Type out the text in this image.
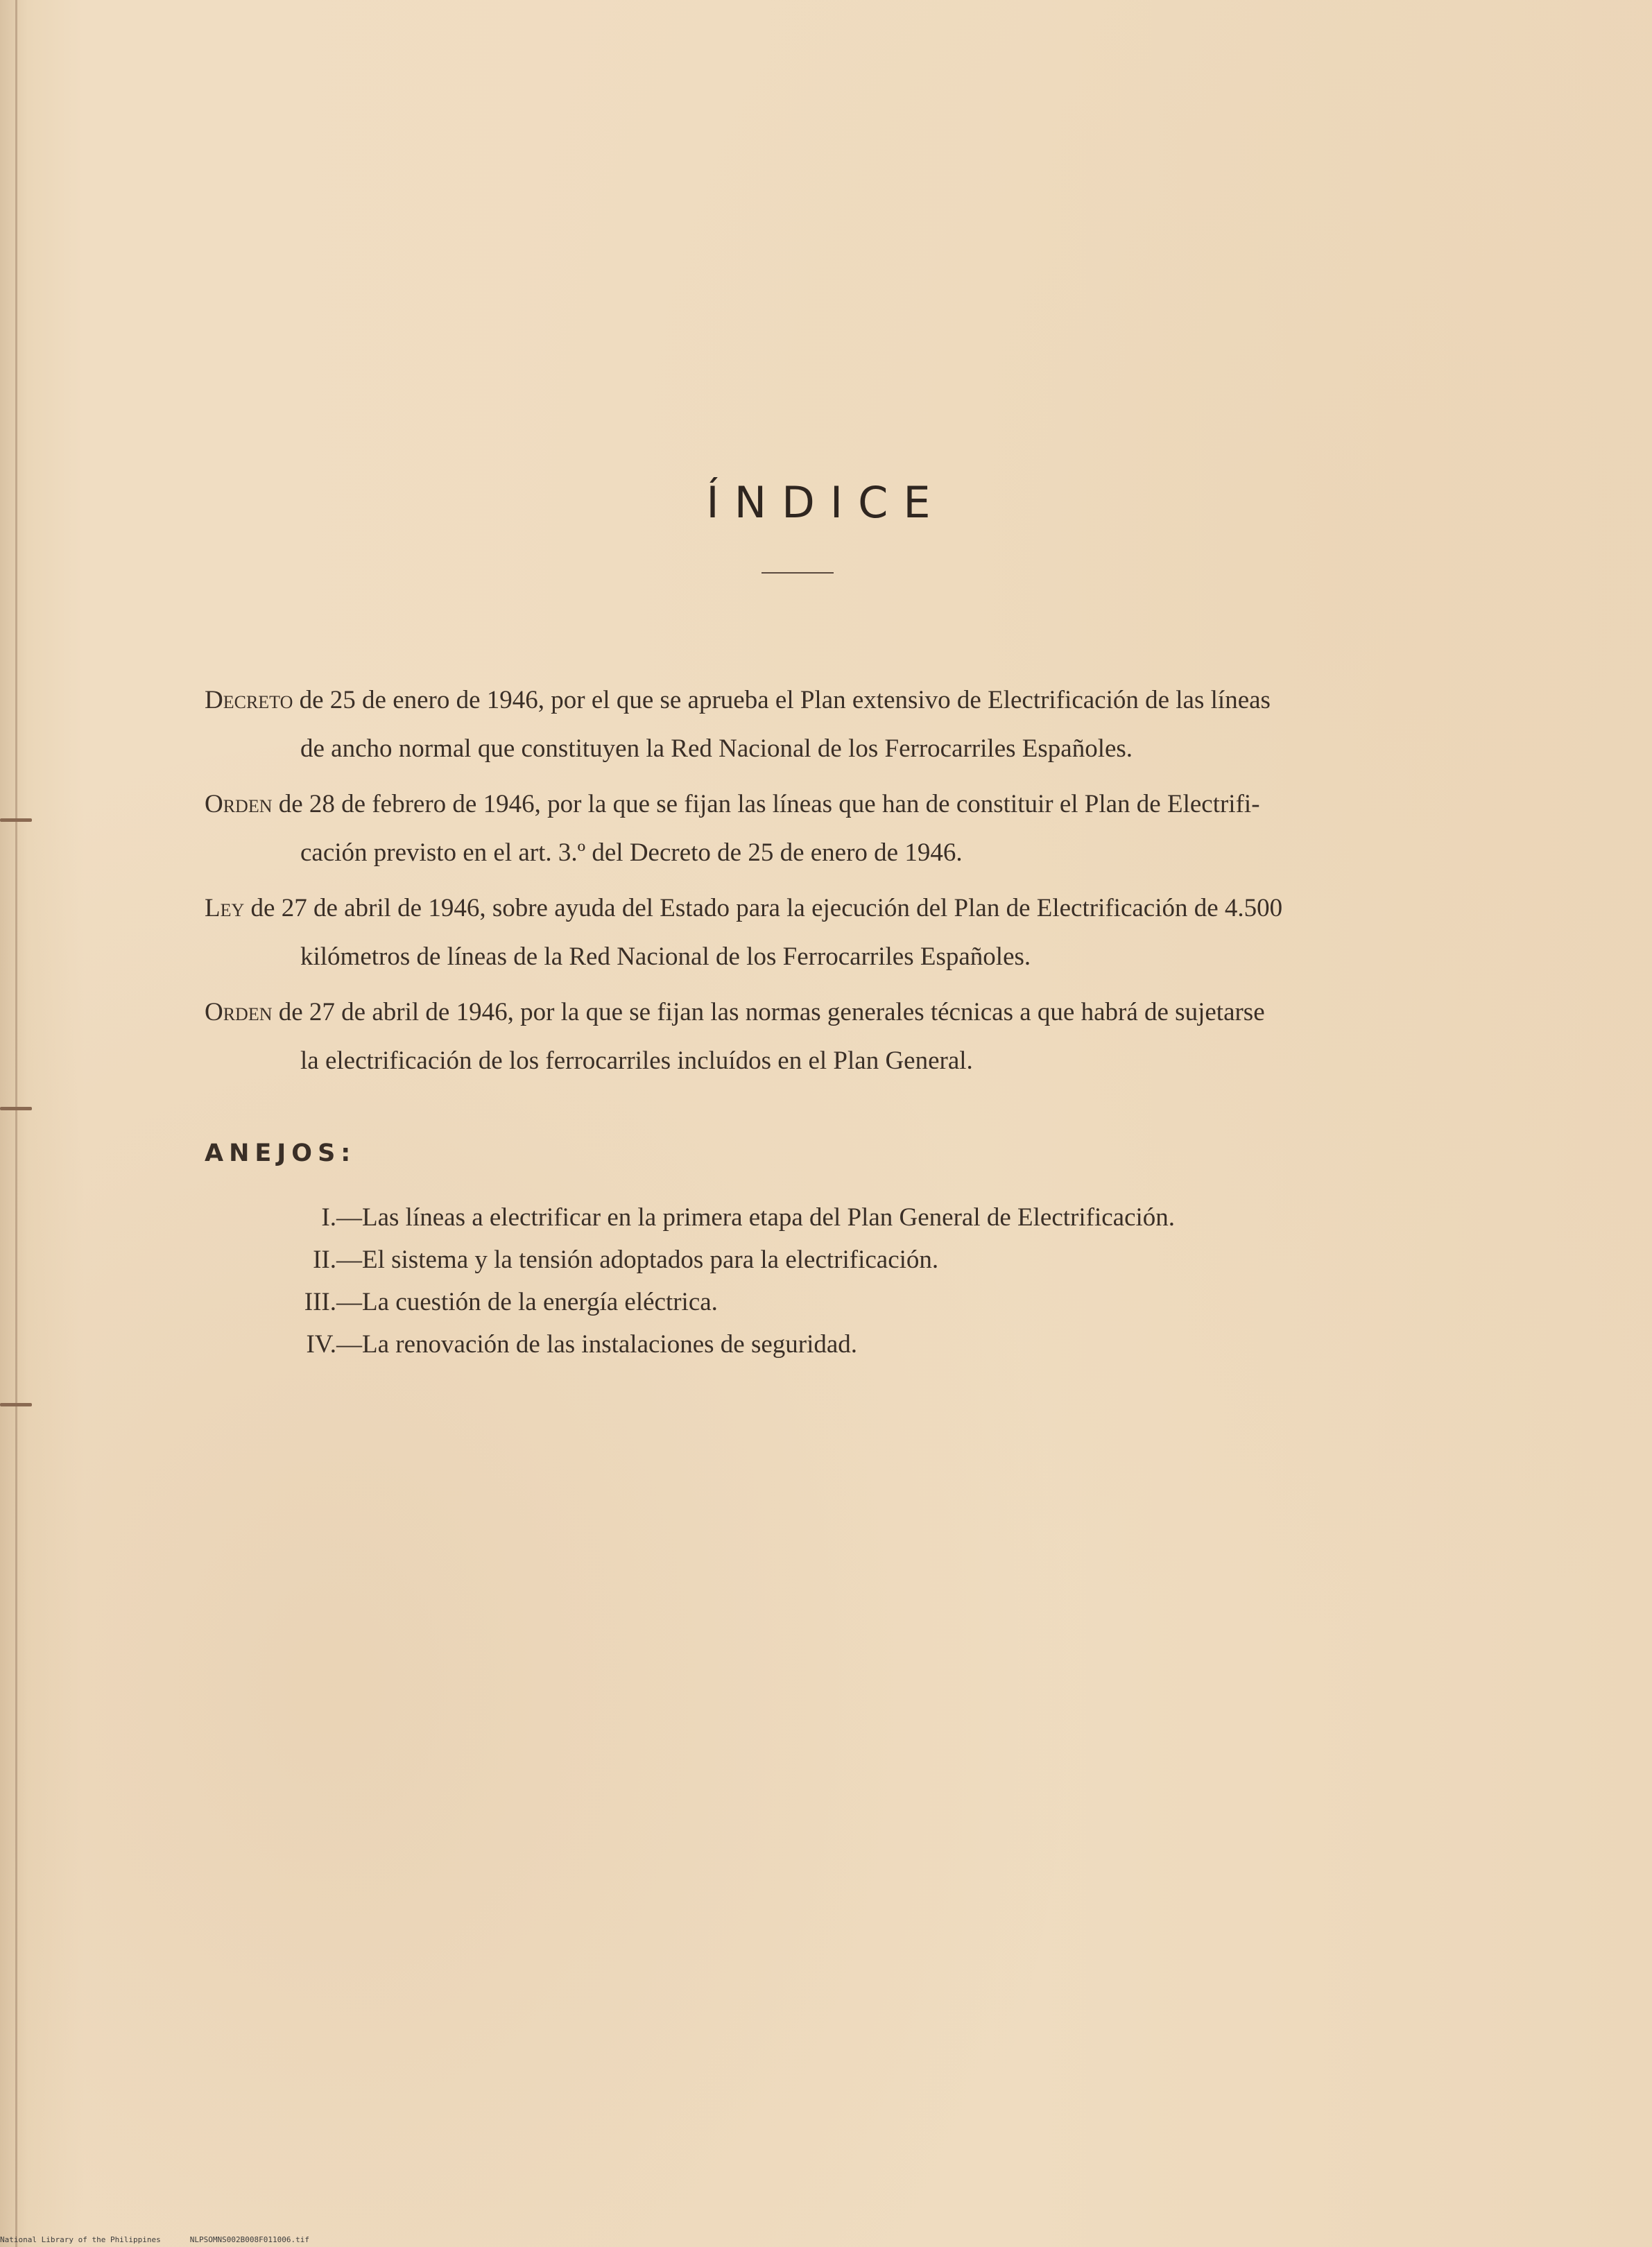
ÍNDICE

Decreto de 25 de enero de 1946, por el que se aprueba el Plan extensivo de Electrificación de las líneas
de ancho normal que constituyen la Red Nacional de los Ferrocarriles Españoles.

Orden de 28 de febrero de 1946, por la que se fijan las líneas que han de constituir el Plan de Electrifi-
cación previsto en el art. 3.º del Decreto de 25 de enero de 1946.

Ley de 27 de abril de 1946, sobre ayuda del Estado para la ejecución del Plan de Electrificación de 4.500
kilómetros de líneas de la Red Nacional de los Ferrocarriles Españoles.

Orden de 27 de abril de 1946, por la que se fijan las normas generales técnicas a que habrá de sujetarse
la electrificación de los ferrocarriles incluídos en el Plan General.

ANEJOS:
I.—Las líneas a electrificar en la primera etapa del Plan General de Electrificación.
II.—El sistema y la tensión adoptados para la electrificación.
III.—La cuestión de la energía eléctrica.
IV.—La renovación de las instalaciones de seguridad.
National Library of the Philippines	NLPSOMNS002B008F011006.tif
